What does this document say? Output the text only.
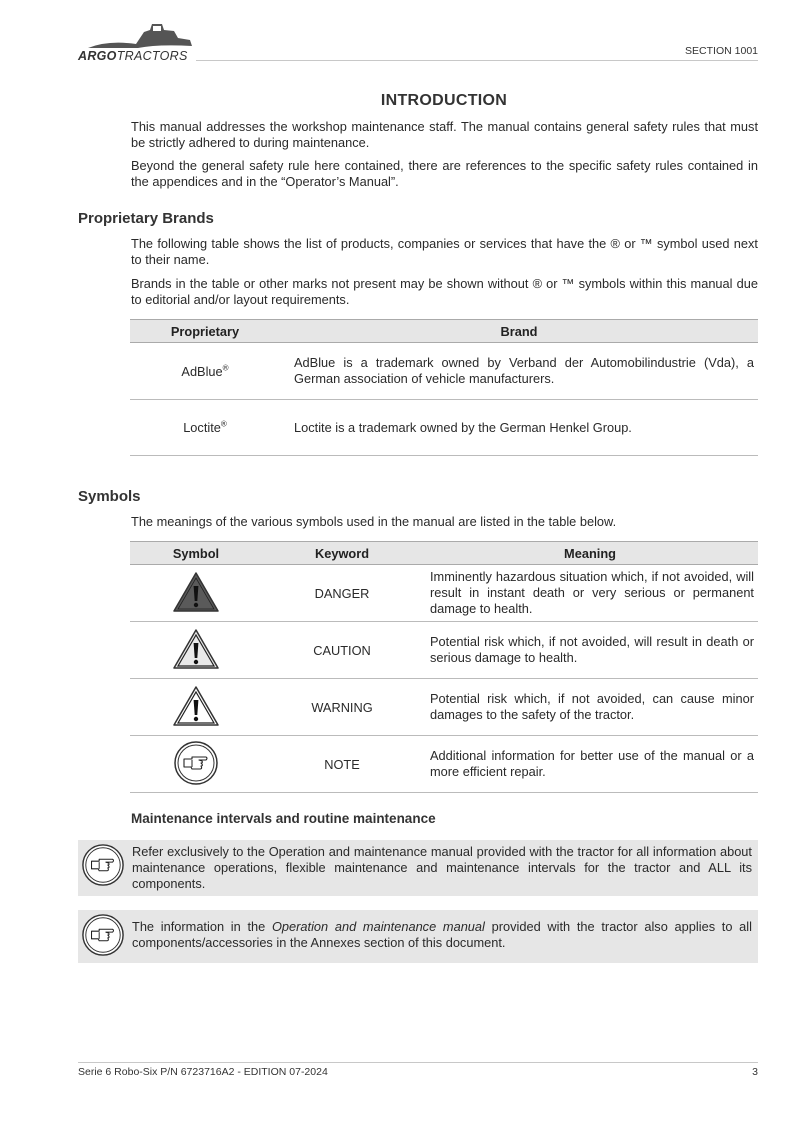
ARGOTRACTORS	SECTION 1001
INTRODUCTION

This manual addresses the workshop maintenance staff. The manual contains general safety rules that must be strictly adhered to during maintenance.

Beyond the general safety rule here contained, there are references to the specific safety rules contained in the appendices and in the “Operator’s Manual”.

Proprietary Brands

The following table shows the list of products, companies or services that have the ® or ™ symbol used next to their name.

Brands in the table or other marks not present may be shown without ® or ™ symbols within this manual due to editorial and/or layout requirements.

Proprietary	Brand
AdBlue®	AdBlue is a trademark owned by Verband der Automobilindustrie (Vda), a German association of vehicle manufacturers.
Loctite®	Loctite is a trademark owned by the German Henkel Group.
Symbols

The meanings of the various symbols used in the manual are listed in the table below.

Symbol	Keyword	Meaning
	DANGER	Imminently hazardous situation which, if not avoided, will result in instant death or very serious or permanent damage to health.
	CAUTION	Potential risk which, if not avoided, will result in death or serious damage to health.
	WARNING	Potential risk which, if not avoided, can cause minor damages to the safety of the tractor.
	NOTE	Additional information for better use of the manual or a more efficient repair.
Maintenance intervals and routine maintenance

Refer exclusively to the Operation and maintenance manual provided with the tractor for all information about maintenance operations, flexible maintenance and maintenance intervals for the tractor and ALL its components.

The information in the Operation and maintenance manual provided with the tractor also applies to all components/accessories in the Annexes section of this document.

Serie 6 Robo-Six P/N 6723716A2 - EDITION 07-2024	3
